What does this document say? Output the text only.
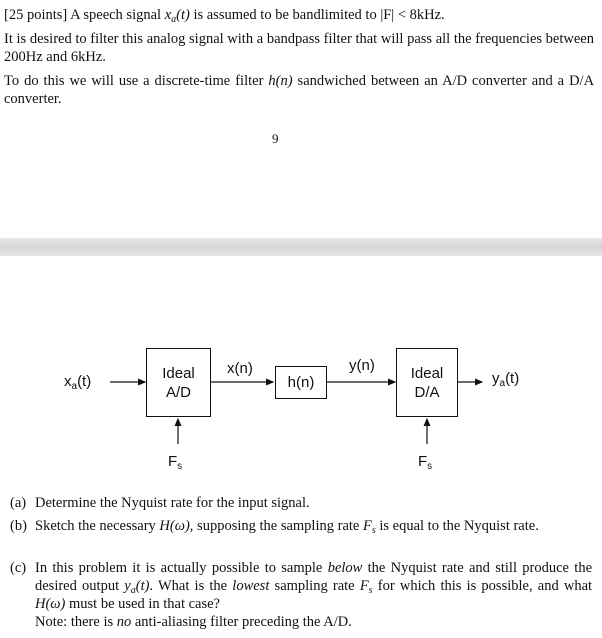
[25 points] A speech signal $x_a(t)$ is assumed to be bandlimited to |F| < 8kHz.
It is desired to filter this analog signal with a bandpass filter that will pass all the frequencies between 200Hz and 6kHz.
To do this we will use a discrete-time filter h(n) sandwiched between an A/D converter and a D/A converter.
9
$x_a(t)$	Ideal
A/D
x(n)
h(n)
y(n) Ideal
D/A
$y_a(t)$
$F_s$	$F_s$
(a) Determine the Nyquist rate for the input signal.
(b) Sketch the necessary H(ω), supposing the sampling rate $F_s$ is equal to the Nyquist rate.
(c) In this problem it is actually possible to sample below the Nyquist rate and still produce the desired output $y_a(t)$. What is the lowest sampling rate $F_s$ for which this is possible, and what H(ω) must be used in that case?
Note: there is no anti-aliasing filter preceding the A/D.
